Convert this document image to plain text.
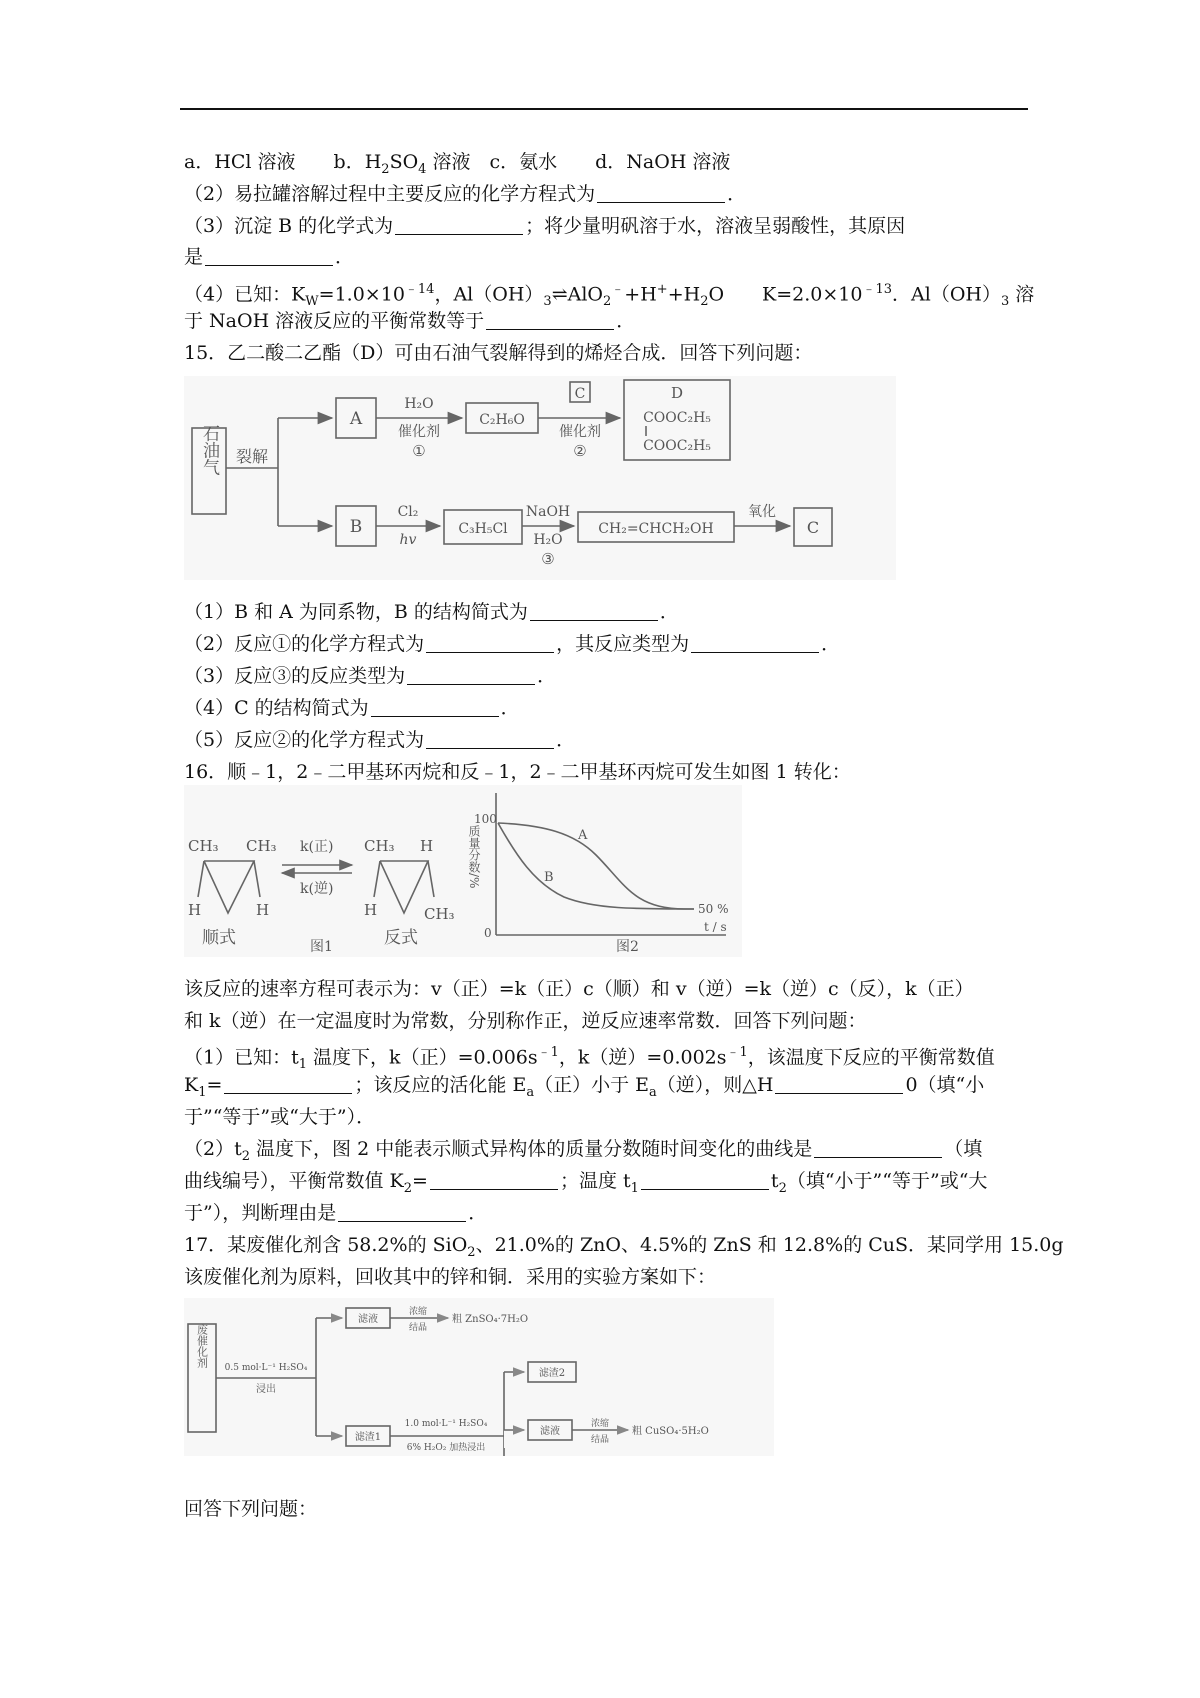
a．HCl 溶液　　b．$H_2SO_4$ 溶液　c．氨水　　d．NaOH 溶液
（2）易拉罐溶解过程中主要反应的化学方程式为	．
（3）沉淀 B 的化学式为	；将少量明矾溶于水，溶液呈弱酸性，其原因
是	．
（4）已知：$K_W=1.0\times 10^{﹣14}$，$Al(OH)_3\rightleftharpoons AlO_2^﹣+H^++H_2O$　　$K=2.0\times 10^{﹣13}$．$Al(OH)_3$ 溶
于 NaOH 溶液反应的平衡常数等于	．
15．乙二酸二乙酯（D）可由石油气裂解得到的烯烃合成．回答下列问题：
（1）B 和 A 为同系物，B 的结构简式为	．
（2）反应①的化学方程式为	，其反应类型为	．
（3）反应③的反应类型为	．
（4）C 的结构简式为	．
（5）反应②的化学方程式为	．
16．顺﹣1，2﹣二甲基环丙烷和反﹣1，2﹣二甲基环丙烷可发生如图 1 转化：
该反应的速率方程可表示为：v（正）=k（正）c（顺）和 v（逆）=k（逆）c（反），k（正）
和 k（逆）在一定温度时为常数，分别称作正，逆反应速率常数．回答下列问题：
（1）已知：$t_1$ 温度下，k（正）$=0.006s^{﹣1}$，k（逆）$=0.002s^{﹣1}$，该温度下反应的平衡常数值
$K_1=$	；该反应的活化能 $E_a$（正）小于 $E_a$（逆），则△H	0（填“小
于”“等于”或“大于”）．
$(2)t_2$ 温度下，图 2 中能表示顺式异构体的质量分数随时间变化的曲线是	（填
曲线编号），平衡常数值 $K_2=$	；温度 $t_1$	$t_2$（填“小于”“等于”或“大
于”），判断理由是	．
17．某废催化剂含 58.2%的 SiO$_2$、21.0%的 ZnO、4.5%的 ZnS 和 12.8%的 CuS．某同学用 15.0g
该废催化剂为原料，回收其中的锌和铜．采用的实验方案如下：
回答下列问题：
石油气 裂解
A
H₂O
催化剂
①
C₂H₆O
C
催化剂
②
D
COOC₂H₅
COOC₂H₅
B
Cl₂
hv
C₃H₅Cl
NaOH
H₂O
③
CH₂=CHCH₂OH
氧化
C
CH₃ CH₃
H	H
顺式
k(正)
k(逆)
CH₃ H
H	CH₃
反式
图1
质量分数/%
100
0
A
B
50 %
t / s
图2
废催化剂 0.5 mol·L⁻¹ H₂SO₄
浸出
滤液
浓缩
结晶
粗 ZnSO₄·7H₂O
滤渣1
1.0 mol·L⁻¹ H₂SO₄
6% H₂O₂ 加热浸出
滤渣2
滤液
浓缩
结晶
粗 CuSO₄·5H₂O
